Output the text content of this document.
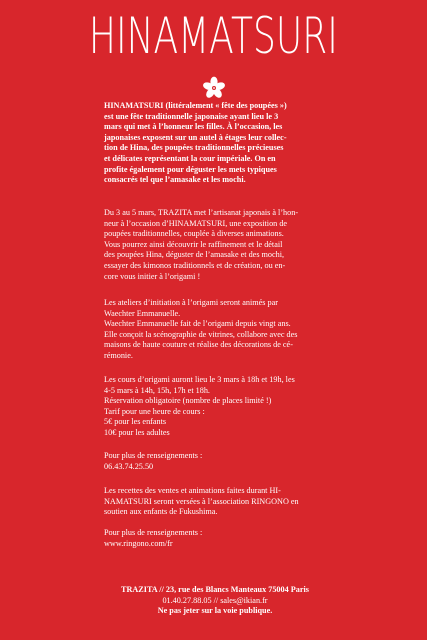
HINAMATSURI
HINAMATSURI (littéralement « fête des poupées »)
est une fête traditionnelle japonaise ayant lieu le 3
mars qui met à l’honneur les filles. À l’occasion, les
japonaises exposent sur un autel à étages leur collec-
tion de Hina, des poupées traditionnelles précieuses
et délicates représentant la cour impériale. On en
profite également pour déguster les mets typiques
consacrés tel que l’amasake et les mochi.
Du 3 au 5 mars, TRAZITA met l’artisanat japonais à l’hon-
neur à l’occasion d’HINAMATSURI, une exposition de
poupées traditionnelles, couplée à diverses animations.
Vous pourrez ainsi découvrir le raffinement et le détail
des poupées Hina, déguster de l’amasake et des mochi,
essayer des kimonos traditionnels et de création, ou en-
core vous initier à l’origami !
Les ateliers d’initiation à l’origami seront animés par
Waechter Emmanuelle.
Waechter Emmanuelle fait de l’origami depuis vingt ans.
Elle conçoit la scénographie de vitrines, collabore avec des
maisons de haute couture et réalise des décorations de cé-
rémonie.
Les cours d’origami auront lieu le 3 mars à 18h et 19h, les
4-5 mars à 14h, 15h, 17h et 18h.
Réservation obligatoire (nombre de places limité !)
Tarif pour une heure de cours :
5€ pour les enfants
10€ pour les adultes
Pour plus de renseignements :
06.43.74.25.50
Les recettes des ventes et animations faites durant HI-
NAMATSURI seront versées à l’association RINGONO en
soutien aux enfants de Fukushima.
Pour plus de renseignements :
www.ringono.com/fr
TRAZITA // 23, rue des Blancs Manteaux 75004 Paris
01.40.27.88.05 // sales@ikian.fr
Ne pas jeter sur la voie publique.
